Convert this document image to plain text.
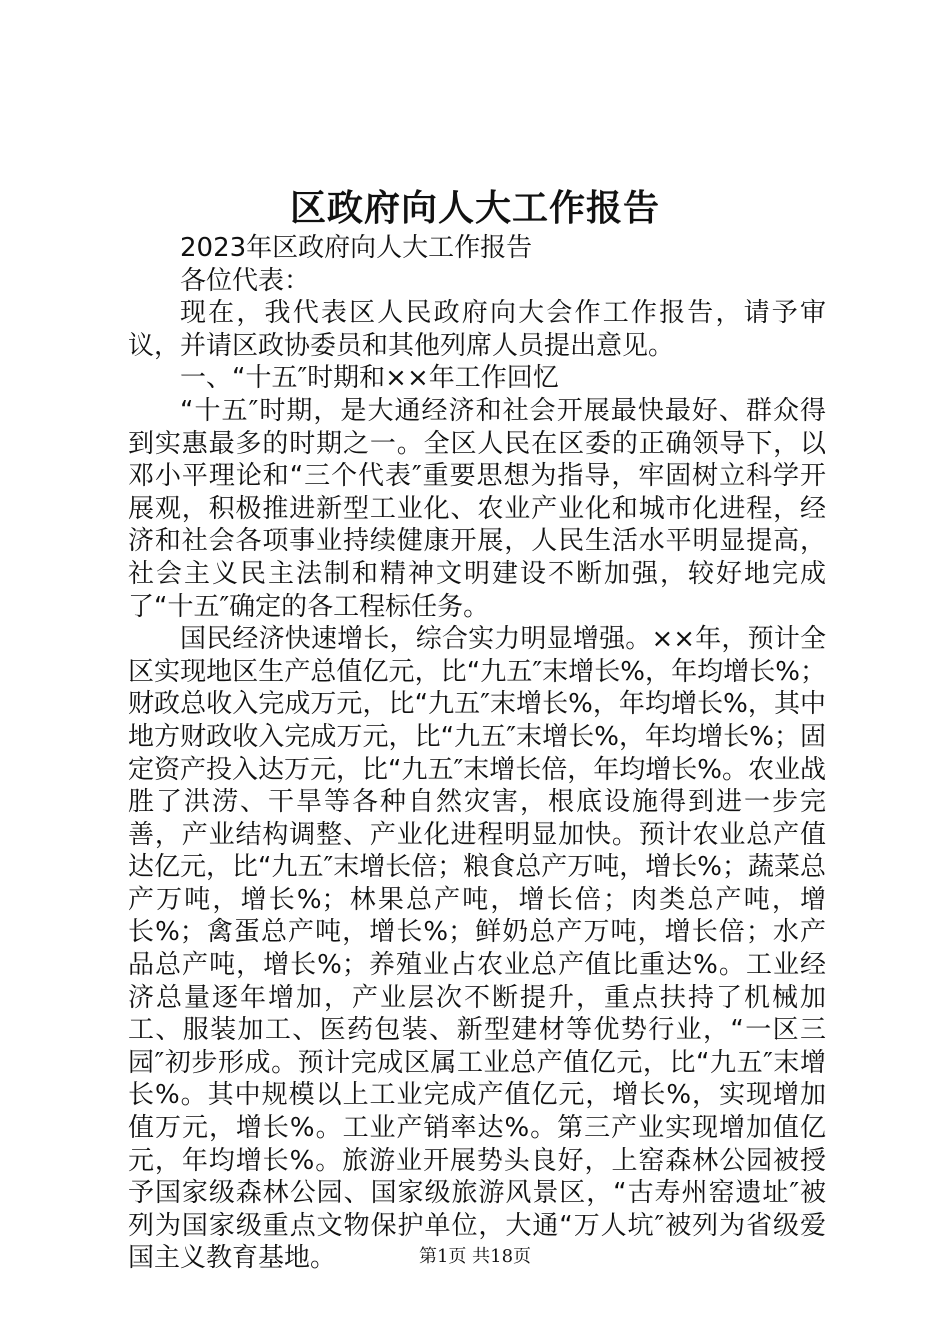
区政府向人大工作报告

2023年区政府向人大工作报告

各位代表：

现在，我代表区人民政府向大会作工作报告，请予审议，并请区政协委员和其他列席人员提出意见。

一、“十五″时期和××年工作回忆

“十五″时期，是大通经济和社会开展最快最好、群众得到实惠最多的时期之一。全区人民在区委的正确领导下，以邓小平理论和“三个代表″重要思想为指导，牢固树立科学开展观，积极推进新型工业化、农业产业化和城市化进程，经济和社会各项事业持续健康开展，人民生活水平明显提高，社会主义民主法制和精神文明建设不断加强，较好地完成了“十五″确定的各工程标任务。

国民经济快速增长，综合实力明显增强。××年，预计全区实现地区生产总值亿元，比“九五″末增长%，年均增长%；财政总收入完成万元，比“九五″末增长%，年均增长%，其中地方财政收入完成万元，比“九五″末增长%，年均增长%；固定资产投入达万元，比“九五″末增长倍，年均增长%。农业战胜了洪涝、干旱等各种自然灾害，根底设施得到进一步完善，产业结构调整、产业化进程明显加快。预计农业总产值达亿元，比“九五″末增长倍；粮食总产万吨，增长%；蔬菜总产万吨，增长%；林果总产吨，增长倍；肉类总产吨，增长%；禽蛋总产吨，增长%；鲜奶总产万吨，增长倍；水产品总产吨，增长%；养殖业占农业总产值比重达%。工业经济总量逐年增加，产业层次不断提升，重点扶持了机械加工、服装加工、医药包装、新型建材等优势行业，“一区三园″初步形成。预计完成区属工业总产值亿元，比“九五″末增长%。其中规模以上工业完成产值亿元，增长%，实现增加值万元，增长%。工业产销率达%。第三产业实现增加值亿元，年均增长%。旅游业开展势头良好，上窑森林公园被授予国家级森林公园、国家级旅游风景区，“古寿州窑遗址″被列为国家级重点文物保护单位，大通“万人坑″被列为省级爱国主义教育基地。	第1页 共18页
